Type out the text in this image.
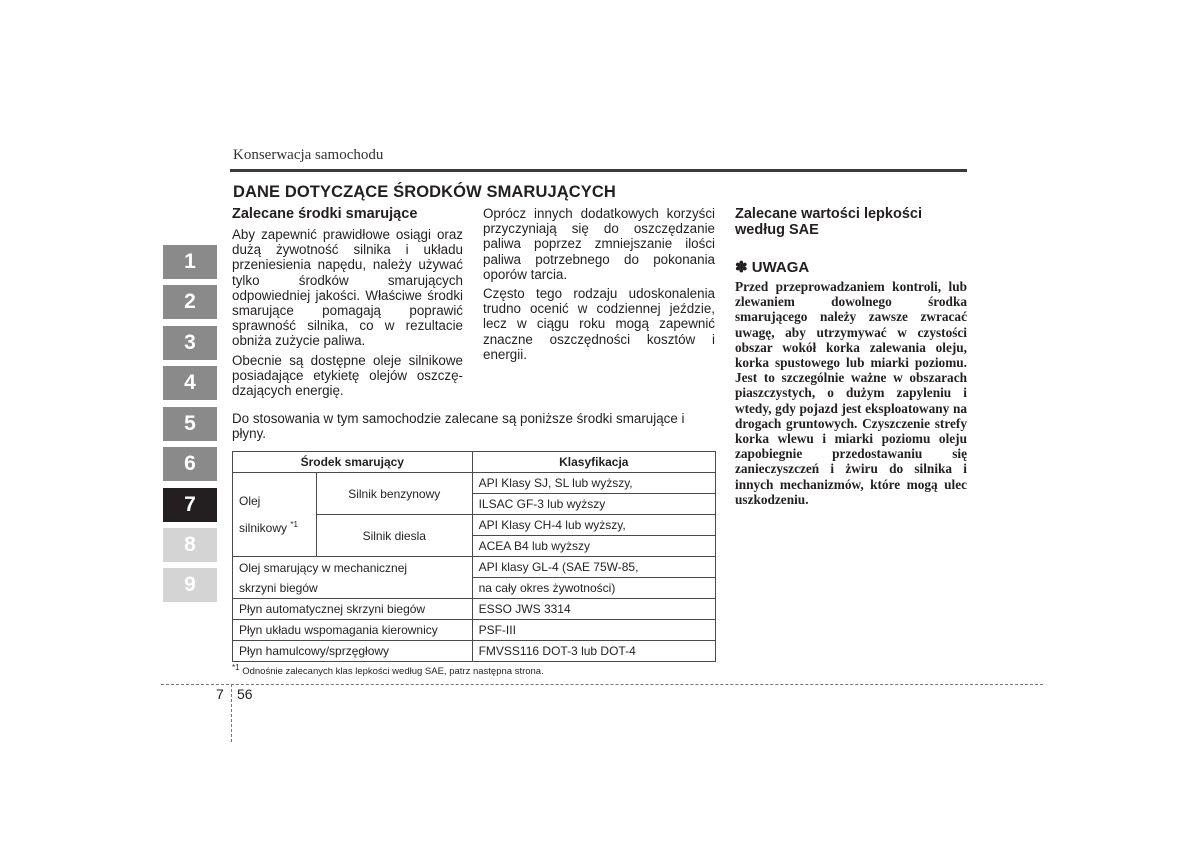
Konserwacja samochodu
DANE DOTYCZĄCE ŚRODKÓW SMARUJĄCYCH
1
2
3
4
5
6
7
8
9
Zalecane środki smarujące

Aby zapewnić prawidłowe osiągi oraz dużą żywotność silnika i układu przeniesienia napędu, należy używać tylko środków smarujących odpowiedniej jakości. Właściwe środki smarujące pomagają poprawić sprawność silnika, co w rezultacie obniża zużycie paliwa.

Obecnie są dostępne oleje silnikowe posiadające etykietę olejów oszczę-dzających energię.

Oprócz innych dodatkowych korzyści przyczyniają się do oszczędzanie paliwa poprzez zmniejszanie ilości paliwa potrzebnego do pokonania oporów tarcia.

Często tego rodzaju udoskonalenia trudno ocenić w codziennej jeździe, lecz w ciągu roku mogą zapewnić znaczne oszczędności kosztów i energii.

Do stosowania w tym samochodzie zalecane są poniższe środki smarujące i płyny.

Środek smarujący		Klasyfikacja
Olej
silnikowy $^{*1}$	Silnik benzynowy	API Klasy SJ, SL lub wyższy,
		ILSAC GF-3 lub wyższy
	Silnik diesla	API Klasy CH-4 lub wyższy,
		ACEA B4 lub wyższy
Olej smarujący w mechanicznej
skrzyni biegów		API klasy GL-4 (SAE 75W-85,
		na cały okres żywotności)
Płyn automatycznej skrzyni biegów		ESSO JWS 3314
Płyn układu wspomagania kierownicy		PSF-III
Płyn hamulcowy/sprzęgłowy		FMVSS116 DOT-3 lub DOT-4
$^{*1}$ Odnośnie zalecanych klas lepkości według SAE, patrz następna strona.
Zalecane wartości lepkości według SAE
✽ UWAGA
Przed przeprowadzaniem kontroli, lub zlewaniem dowolnego środka smarującego należy zawsze zwracać uwagę, aby utrzymywać w czystości obszar wokół korka zalewania oleju, korka spustowego lub miarki poziomu. Jest to szczególnie ważne w obszarach piaszczystych, o dużym zapyleniu i wtedy, gdy pojazd jest eksploatowany na drogach gruntowych. Czyszczenie strefy korka wlewu i miarki poziomu oleju zapobiegnie przedostawaniu się zanieczyszczeń i żwiru do silnika i innych mechanizmów, które mogą ulec uszkodzeniu.
7 56
